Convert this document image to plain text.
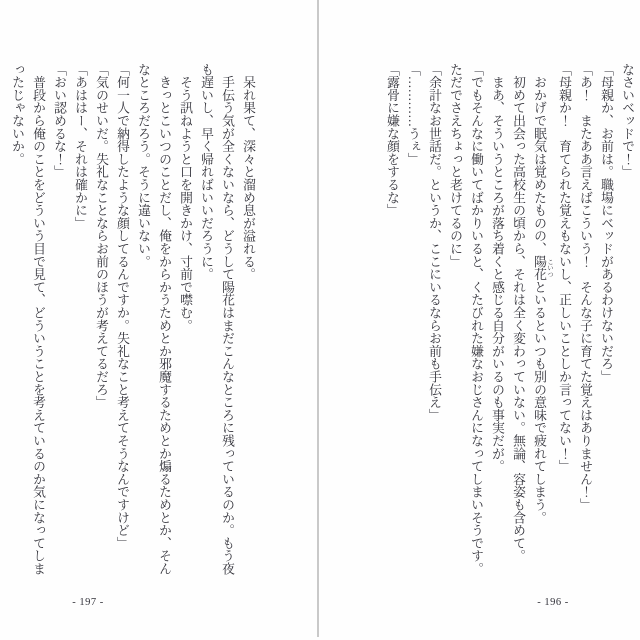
　呆れ果て、深々と溜め息が溢れる。

　手伝う気が全くないなら、どうして陽花はまだこんなところに残っているのか。もう夜

も遅いし、早く帰ればいいだろうに。

　そう訊ねようと口を開きかけ、寸前で噤む。

　きっとこいつのことだし、俺をからかうためとか邪魔するためとか煽るためとか、そん

なところだろう。そうに違いない。

「何一人で納得したような顔してるんですか。失礼なこと考えてそうなんですけど」

「気のせいだ。失礼なことならお前のほうが考えてるだろ」

「あははー、それは確かに」

「おい認めるな！」

　普段から俺のことをどういう目で見て、どういうことを考えているのか気になってしま

ったじゃないか。

- 197 -

なさいベッドで！」

「母親か、お前は。職場にベッドがあるわけないだろ」

「あ！　またああ言えばこういう！　そんな子に育てた覚えはありません！」

「母親か！　育てられた覚えもないし、正しいことしか言ってない！」

　おかげで眠気は覚めたものの、陽花 こいつといるといつも別の意味で疲れてしまう。

　初めて出会った高校生の頃から、それは全く変わっていない。無論、容姿も含めて。

　まあ、そういうところが落ち着くと感じる自分がいるのも事実だが。

「でもそんなに働いてばかりいると、くたびれた嫌なおじさんになってしまいそうです。

ただでさえちょっと老けてるのに」

「余計なお世話だ。というか、ここにいるならお前も手伝え」

「…………うぇ」

「露骨に嫌な顔をするな」

- 196 -
